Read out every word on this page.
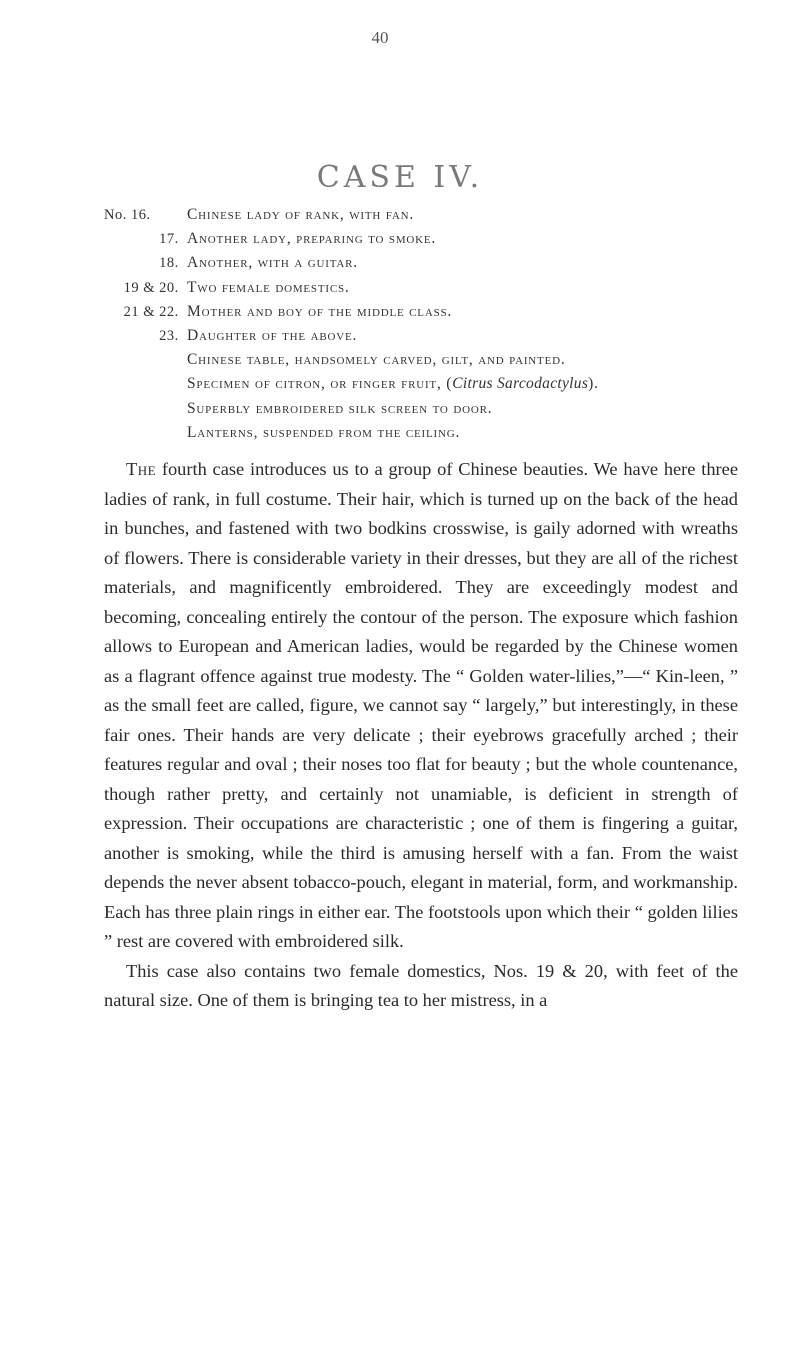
40
CASE IV.
No. 16. Chinese lady of rank, with fan.
17. Another lady, preparing to smoke.
18. Another, with a guitar.
19 & 20. Two female domestics.
21 & 22. Mother and boy of the middle class.
23. Daughter of the above.
Chinese table, handsomely carved, gilt, and painted.
Specimen of citron, or finger fruit, (Citrus Sarcodactylus).
Superbly embroidered silk screen to door.
Lanterns, suspended from the ceiling.

The fourth case introduces us to a group of Chinese beauties. We have here three ladies of rank, in full costume. Their hair, which is turned up on the back of the head in bunches, and fastened with two bodkins crosswise, is gaily adorned with wreaths of flowers. There is considerable variety in their dresses, but they are all of the richest materials, and magnificently embroidered. They are exceedingly modest and becoming, concealing entirely the contour of the person. The exposure which fashion allows to European and American ladies, would be regarded by the Chinese women as a flagrant offence against true modesty. The “ Golden water-lilies,”—“ Kin-leen, ” as the small feet are called, figure, we cannot say “ largely,” but interestingly, in these fair ones. Their hands are very delicate ; their eyebrows gracefully arched ; their features regular and oval ; their noses too flat for beauty ; but the whole countenance, though rather pretty, and certainly not unamiable, is deficient in strength of expression. Their occupations are characteristic ; one of them is fingering a guitar, another is smoking, while the third is amusing herself with a fan. From the waist depends the never absent tobacco-pouch, elegant in material, form, and workmanship. Each has three plain rings in either ear. The footstools upon which their “ golden lilies ” rest are covered with embroidered silk.

This case also contains two female domestics, Nos. 19 & 20, with feet of the natural size. One of them is bringing tea to her mistress, in a
